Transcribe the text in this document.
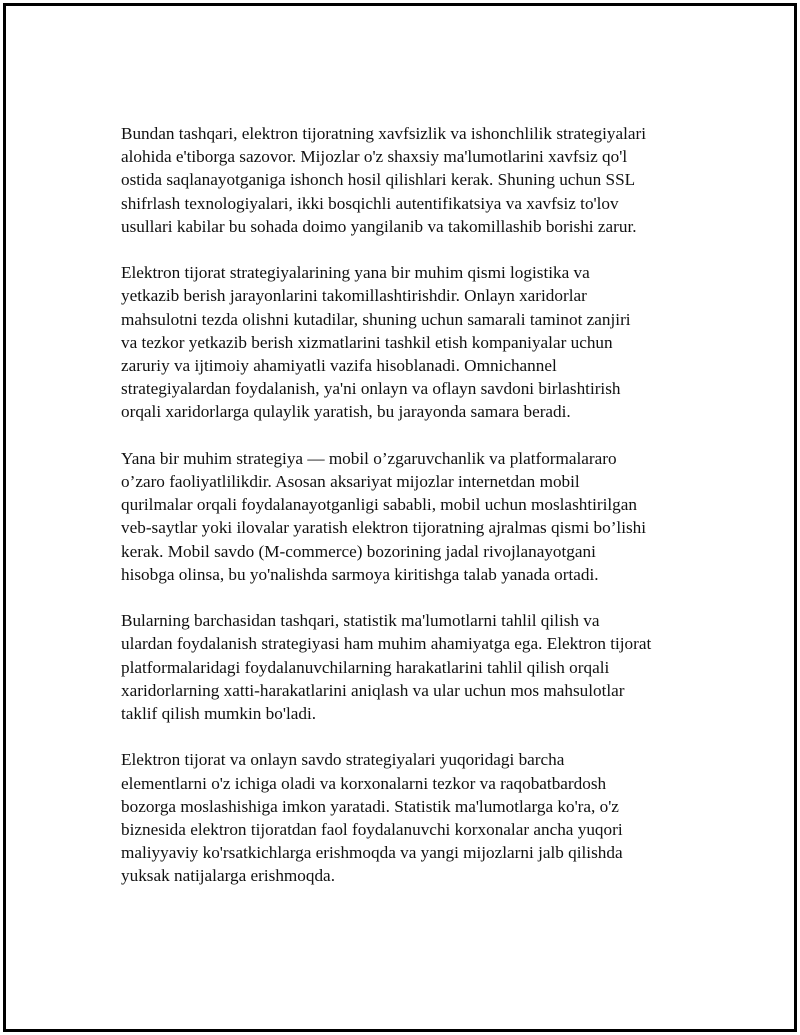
Bundan tashqari, elektron tijoratning xavfsizlik va ishonchlilik strategiyalari
alohida e'tiborga sazovor. Mijozlar o'z shaxsiy ma'lumotlarini xavfsiz qo'l
ostida saqlanayotganiga ishonch hosil qilishlari kerak. Shuning uchun SSL
shifrlash texnologiyalari, ikki bosqichli autentifikatsiya va xavfsiz to'lov
usullari kabilar bu sohada doimo yangilanib va takomillashib borishi zarur.

Elektron tijorat strategiyalarining yana bir muhim qismi logistika va
yetkazib berish jarayonlarini takomillashtirishdir. Onlayn xaridorlar
mahsulotni tezda olishni kutadilar, shuning uchun samarali taminot zanjiri
va tezkor yetkazib berish xizmatlarini tashkil etish kompaniyalar uchun
zaruriy va ijtimoiy ahamiyatli vazifa hisoblanadi. Omnichannel
strategiyalardan foydalanish, ya'ni onlayn va oflayn savdoni birlashtirish
orqali xaridorlarga qulaylik yaratish, bu jarayonda samara beradi.

Yana bir muhim strategiya — mobil o’zgaruvchanlik va platformalararo
o’zaro faoliyatlilikdir. Asosan aksariyat mijozlar internetdan mobil
qurilmalar orqali foydalanayotganligi sababli, mobil uchun moslashtirilgan
veb-saytlar yoki ilovalar yaratish elektron tijoratning ajralmas qismi bo’lishi
kerak. Mobil savdo (M-commerce) bozorining jadal rivojlanayotgani
hisobga olinsa, bu yo'nalishda sarmoya kiritishga talab yanada ortadi.

Bularning barchasidan tashqari, statistik ma'lumotlarni tahlil qilish va
ulardan foydalanish strategiyasi ham muhim ahamiyatga ega. Elektron tijorat
platformalaridagi foydalanuvchilarning harakatlarini tahlil qilish orqali
xaridorlarning xatti-harakatlarini aniqlash va ular uchun mos mahsulotlar
taklif qilish mumkin bo'ladi.

Elektron tijorat va onlayn savdo strategiyalari yuqoridagi barcha
elementlarni o'z ichiga oladi va korxonalarni tezkor va raqobatbardosh
bozorga moslashishiga imkon yaratadi. Statistik ma'lumotlarga ko'ra, o'z
biznesida elektron tijoratdan faol foydalanuvchi korxonalar ancha yuqori
maliyyaviy ko'rsatkichlarga erishmoqda va yangi mijozlarni jalb qilishda
yuksak natijalarga erishmoqda.
